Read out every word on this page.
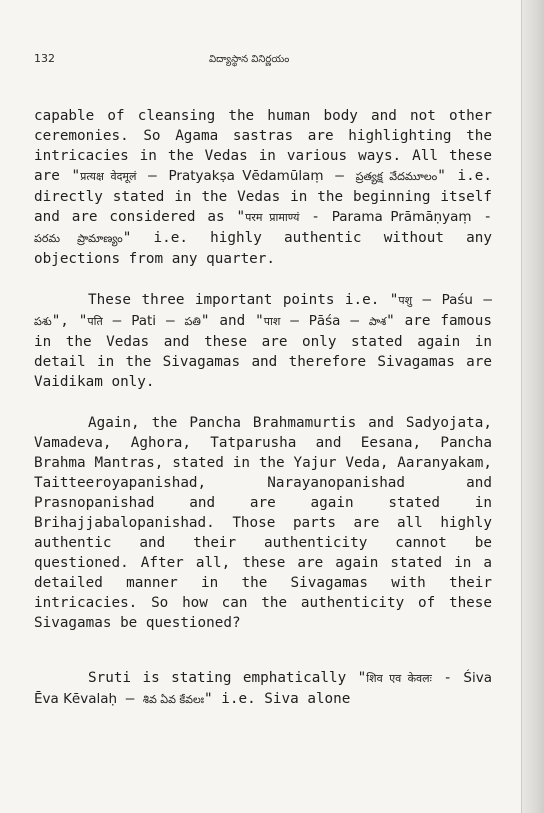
132	విద్యాస్థాన వినిర్ణయం

capable of cleansing the human body and not other ceremonies. So Agama sastras are highlighting the intricacies in the Vedas in various ways. All these are "प्रत्यक्ष वेदमूलं – Pratyakṣa Vēdamūlaṃ – ప్రత్యక్ష వేదమూలం" i.e. directly stated in the Vedas in the beginning itself and are considered as "परम प्रामाण्यं - Parama Prāmāṇyaṃ - పరమ ప్రామాణ్యం" i.e. highly authentic without any objections from any quarter.

These three important points i.e. "पशु – Paśu – పశు", "पति – Pati – పతి" and "पाश – Pāśa – పాశ" are famous in the Vedas and these are only stated again in detail in the Sivagamas and therefore Sivagamas are Vaidikam only.

Again, the Pancha Brahmamurtis and Sadyojata, Vamadeva, Aghora, Tatparusha and Eesana, Pancha Brahma Mantras, stated in the Yajur Veda, Aaranyakam, Taitteeroyapanishad, Narayanopanishad and Prasnopanishad and are again stated in Brihajjabalopanishad. Those parts are all highly authentic and their authenticity cannot be questioned. After all, these are again stated in a detailed manner in the Sivagamas with their intricacies. So how can the authenticity of these Sivagamas be questioned?

Sruti is stating emphatically "शिव एव केवलः - Śiva Ēva Kēvalaḥ – శివ ఏవ కేవలః" i.e. Siva alone
